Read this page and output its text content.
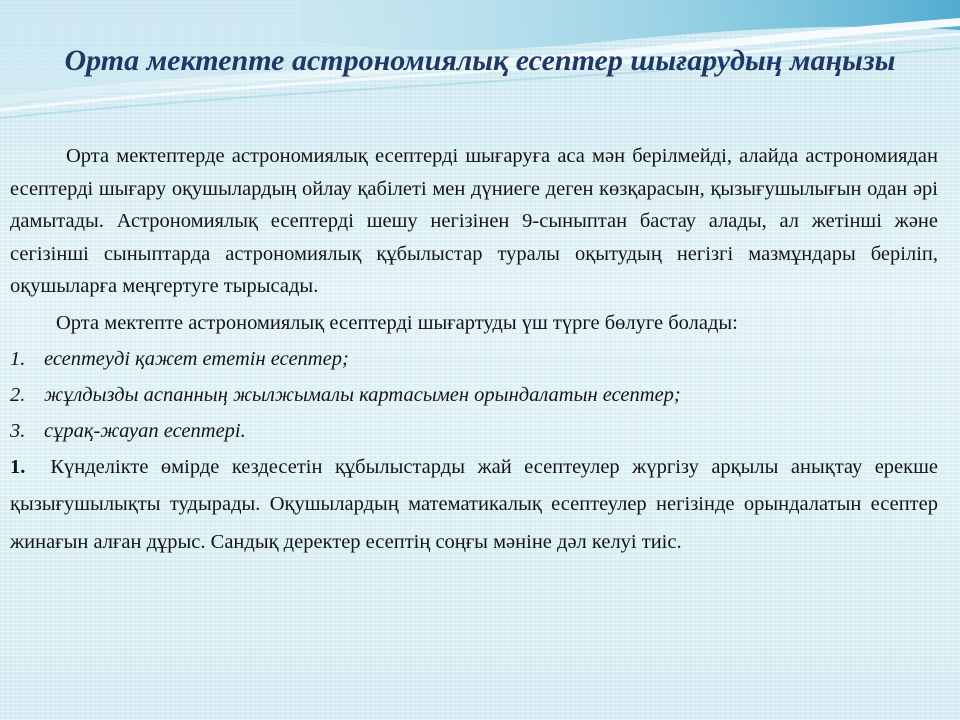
Орта мектепте астрономиялық есептер шығарудың маңызы

Орта мектептерде астрономиялық есептерді шығаруға аса мән берілмейді, алайда астрономиядан есептерді шығару оқушылардың ойлау қабілеті мен дүниеге деген көзқарасын, қызығушылығын одан әрі дамытады. Астрономиялық есептерді шешу негізінен 9-сыныптан бастау алады, ал жетінші және сегізінші сыныптарда астрономиялық құбылыстар туралы оқытудың негізгі мазмұндары беріліп, оқушыларға меңгертуге тырысады.

Орта мектепте астрономиялық есептерді шығартуды үш түрге бөлуге болады:

1. есептеуді қажет ететін есептер;
2. жұлдызды аспанның жылжымалы картасымен орындалатын есептер;
3. сұрақ-жауап есептері.

1. Күнделікте өмірде кездесетін құбылыстарды жай есептеулер жүргізу арқылы анықтау ерекше қызығушылықты тудырады. Оқушылардың математикалық есептеулер негізінде орындалатын есептер жинағын алған дұрыс. Сандық деректер есептің соңғы мәніне дәл келуі тиіс.
